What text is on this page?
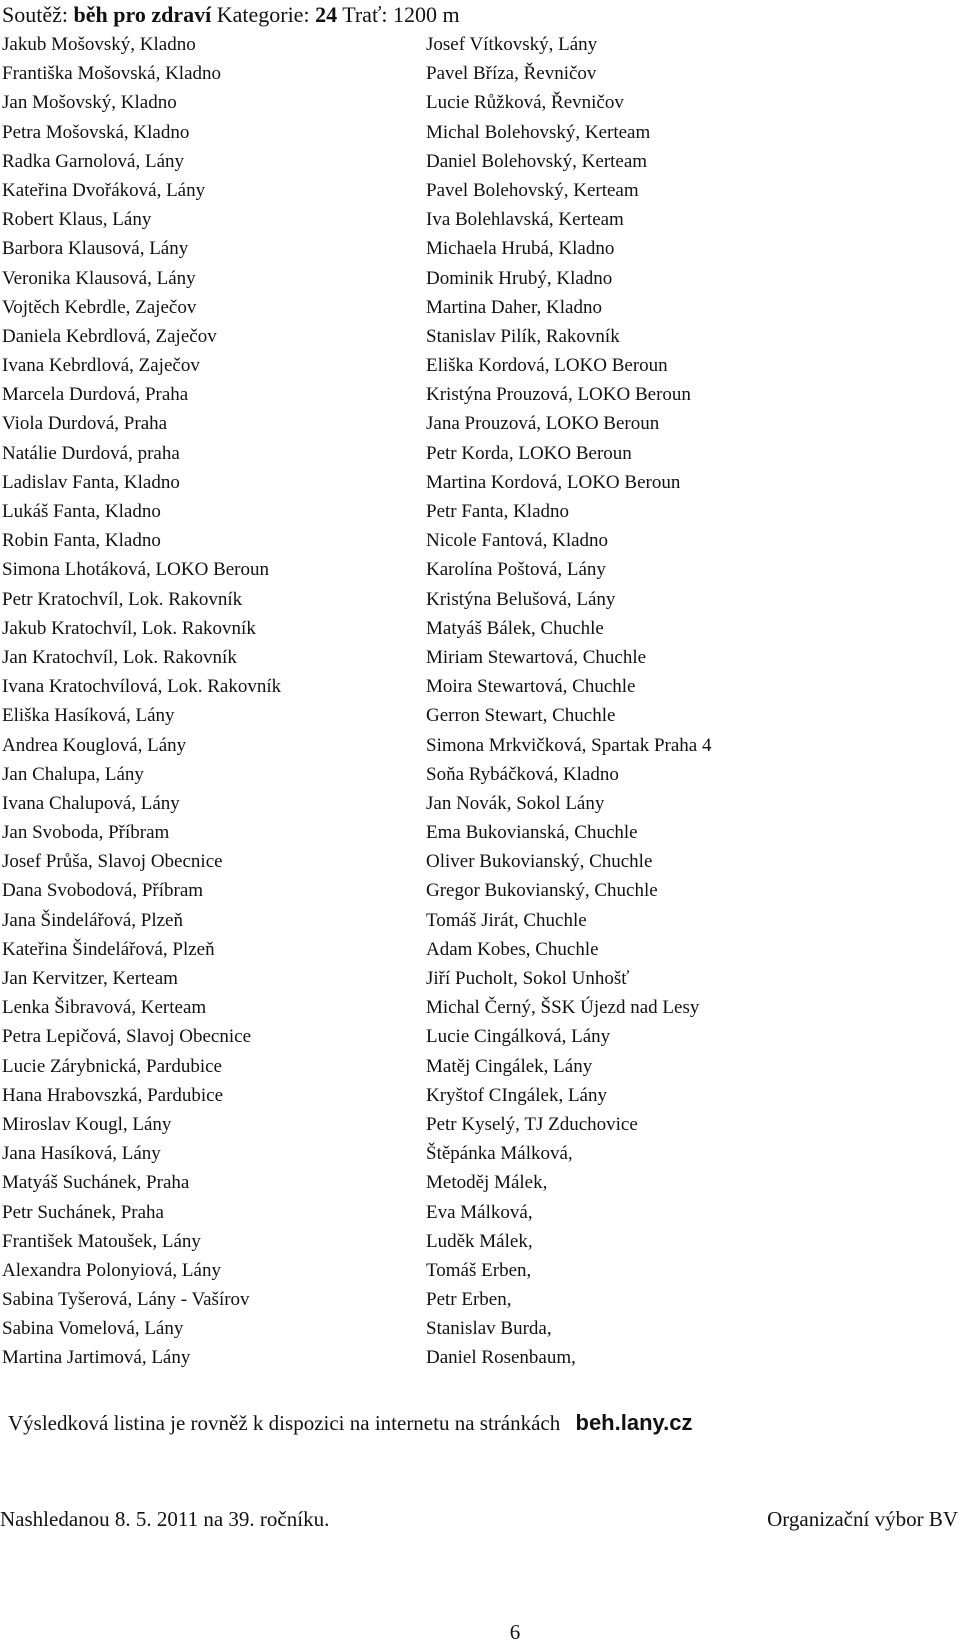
Soutěž: běh pro zdraví Kategorie: 24 Trať: 1200 m
Jakub Mošovský, Kladno
Františka Mošovská, Kladno
Jan Mošovský, Kladno
Petra Mošovská, Kladno
Radka Garnolová, Lány
Kateřina Dvořáková, Lány
Robert Klaus, Lány
Barbora Klausová, Lány
Veronika Klausová, Lány
Vojtěch Kebrdle, Zaječov
Daniela Kebrdlová, Zaječov
Ivana Kebrdlová, Zaječov
Marcela Durdová, Praha
Viola Durdová, Praha
Natálie Durdová, praha
Ladislav Fanta, Kladno
Lukáš Fanta, Kladno
Robin Fanta, Kladno
Simona Lhotáková, LOKO Beroun
Petr Kratochvíl, Lok. Rakovník
Jakub Kratochvíl, Lok. Rakovník
Jan Kratochvíl, Lok. Rakovník
Ivana Kratochvílová, Lok. Rakovník
Eliška Hasíková, Lány
Andrea Kouglová, Lány
Jan Chalupa, Lány
Ivana Chalupová, Lány
Jan Svoboda, Příbram
Josef Průša, Slavoj Obecnice
Dana Svobodová, Příbram
Jana Šindelářová, Plzeň
Kateřina Šindelářová, Plzeň
Jan Kervitzer, Kerteam
Lenka Šibravová, Kerteam
Petra Lepičová, Slavoj Obecnice
Lucie Zárybnická, Pardubice
Hana Hrabovszká, Pardubice
Miroslav Kougl, Lány
Jana Hasíková, Lány
Matyáš Suchánek, Praha
Petr Suchánek, Praha
František Matoušek, Lány
Alexandra Polonyiová, Lány
Sabina Tyšerová, Lány - Vašírov
Sabina Vomelová, Lány
Martina Jartimová, Lány
Josef Vítkovský, Lány
Pavel Bříza, Řevničov
Lucie Růžková, Řevničov
Michal Bolehovský, Kerteam
Daniel Bolehovský, Kerteam
Pavel Bolehovský, Kerteam
Iva Bolehlavská, Kerteam
Michaela Hrubá, Kladno
Dominik Hrubý, Kladno
Martina Daher, Kladno
Stanislav Pilík, Rakovník
Eliška Kordová, LOKO Beroun
Kristýna Prouzová, LOKO Beroun
Jana Prouzová, LOKO Beroun
Petr Korda, LOKO Beroun
Martina Kordová, LOKO Beroun
Petr Fanta, Kladno
Nicole Fantová, Kladno
Karolína Poštová, Lány
Kristýna Belušová, Lány
Matyáš Bálek, Chuchle
Miriam Stewartová, Chuchle
Moira Stewartová, Chuchle
Gerron Stewart, Chuchle
Simona Mrkvičková, Spartak Praha 4
Soňa Rybáčková, Kladno
Jan Novák, Sokol Lány
Ema Bukovianská, Chuchle
Oliver Bukovianský, Chuchle
Gregor Bukovianský, Chuchle
Tomáš Jirát, Chuchle
Adam Kobes, Chuchle
Jiří Pucholt, Sokol Unhošť
Michal Černý, ŠSK Újezd nad Lesy
Lucie Cingálková, Lány
Matěj Cingálek, Lány
Kryštof CIngálek, Lány
Petr Kyselý, TJ Zduchovice
Štěpánka Málková,
Metoděj Málek,
Eva Málková,
Luděk Málek,
Tomáš Erben,
Petr Erben,
Stanislav Burda,
Daniel Rosenbaum,
Výsledková listina je rovněž k dispozici na internetu na stránkách beh.lany.cz
Nashledanou 8. 5. 2011 na 39. ročníku.	Organizační výbor BV
6
